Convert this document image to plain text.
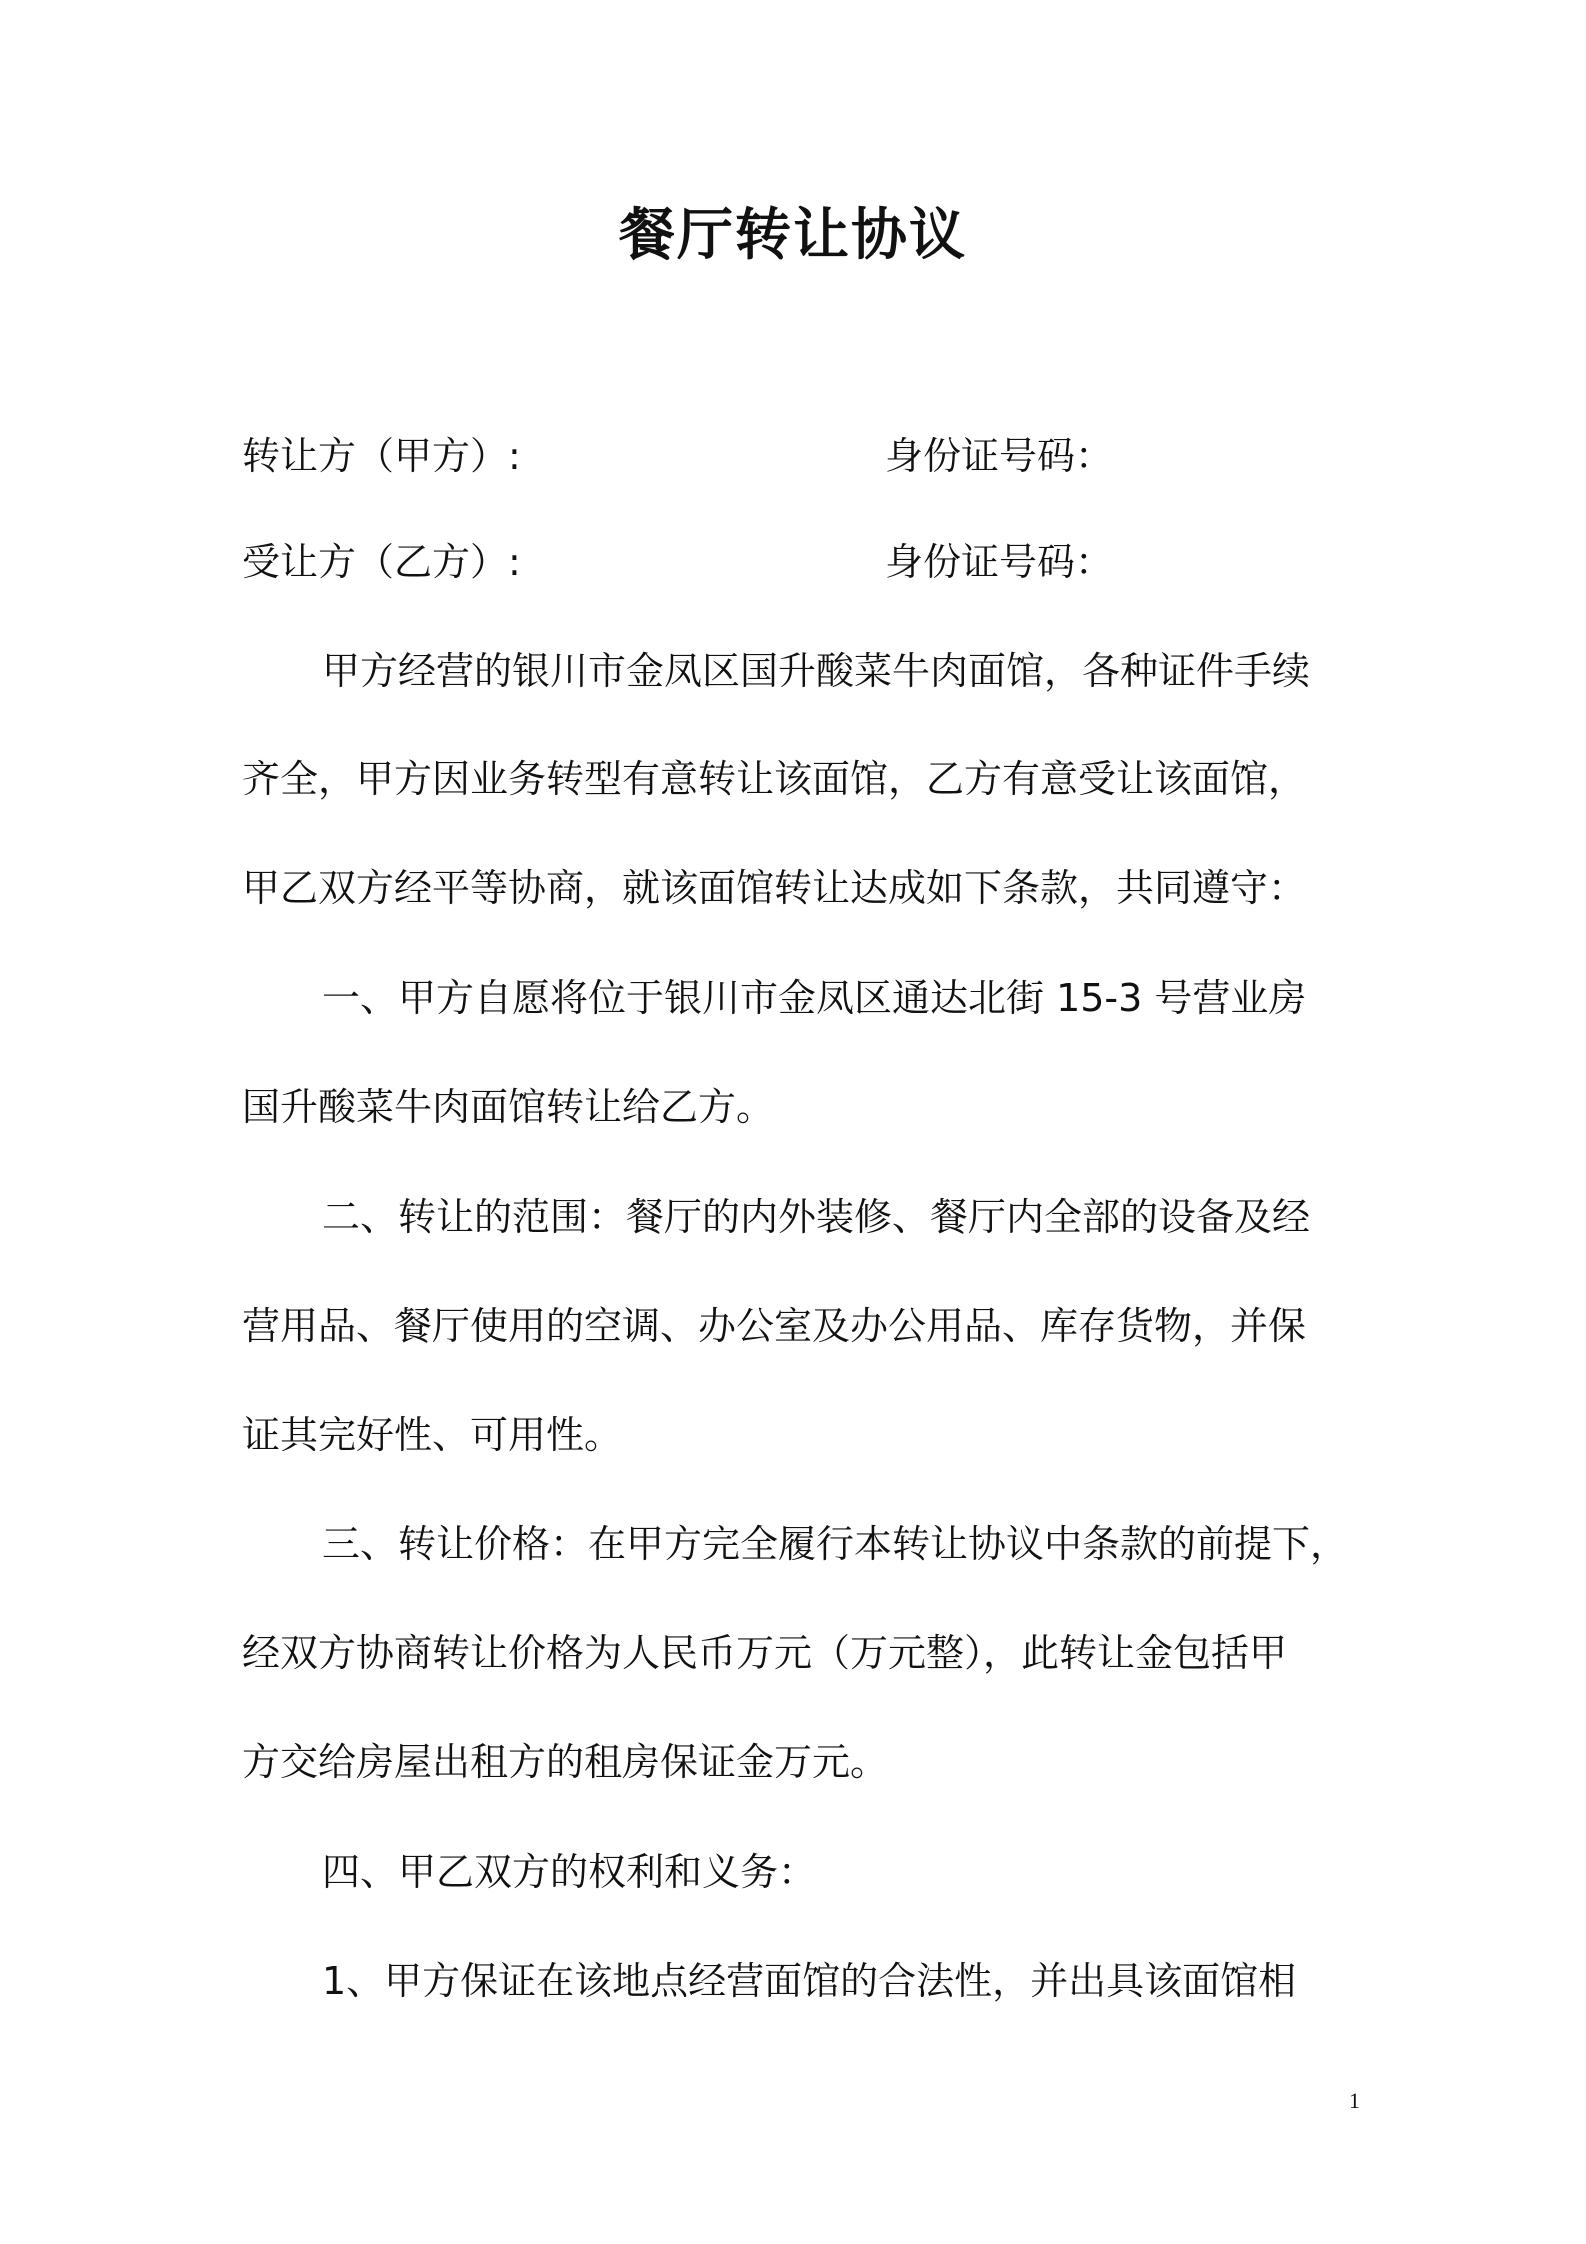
餐厅转让协议
转让方（甲方）:	身份证号码：
受让方（乙方）:	身份证号码：
甲方经营的银川市金凤区国升酸菜牛肉面馆，各种证件手续
齐全，甲方因业务转型有意转让该面馆，乙方有意受让该面馆，
甲乙双方经平等协商，就该面馆转让达成如下条款，共同遵守：
一、甲方自愿将位于银川市金凤区通达北街 15-3 号营业房
国升酸菜牛肉面馆转让给乙方。
二、转让的范围：餐厅的内外装修、餐厅内全部的设备及经
营用品、餐厅使用的空调、办公室及办公用品、库存货物，并保
证其完好性、可用性。
三、转让价格：在甲方完全履行本转让协议中条款的前提下，
经双方协商转让价格为人民币万元（万元整），此转让金包括甲
方交给房屋出租方的租房保证金万元。
四、甲乙双方的权利和义务：
1、甲方保证在该地点经营面馆的合法性，并出具该面馆相
1
